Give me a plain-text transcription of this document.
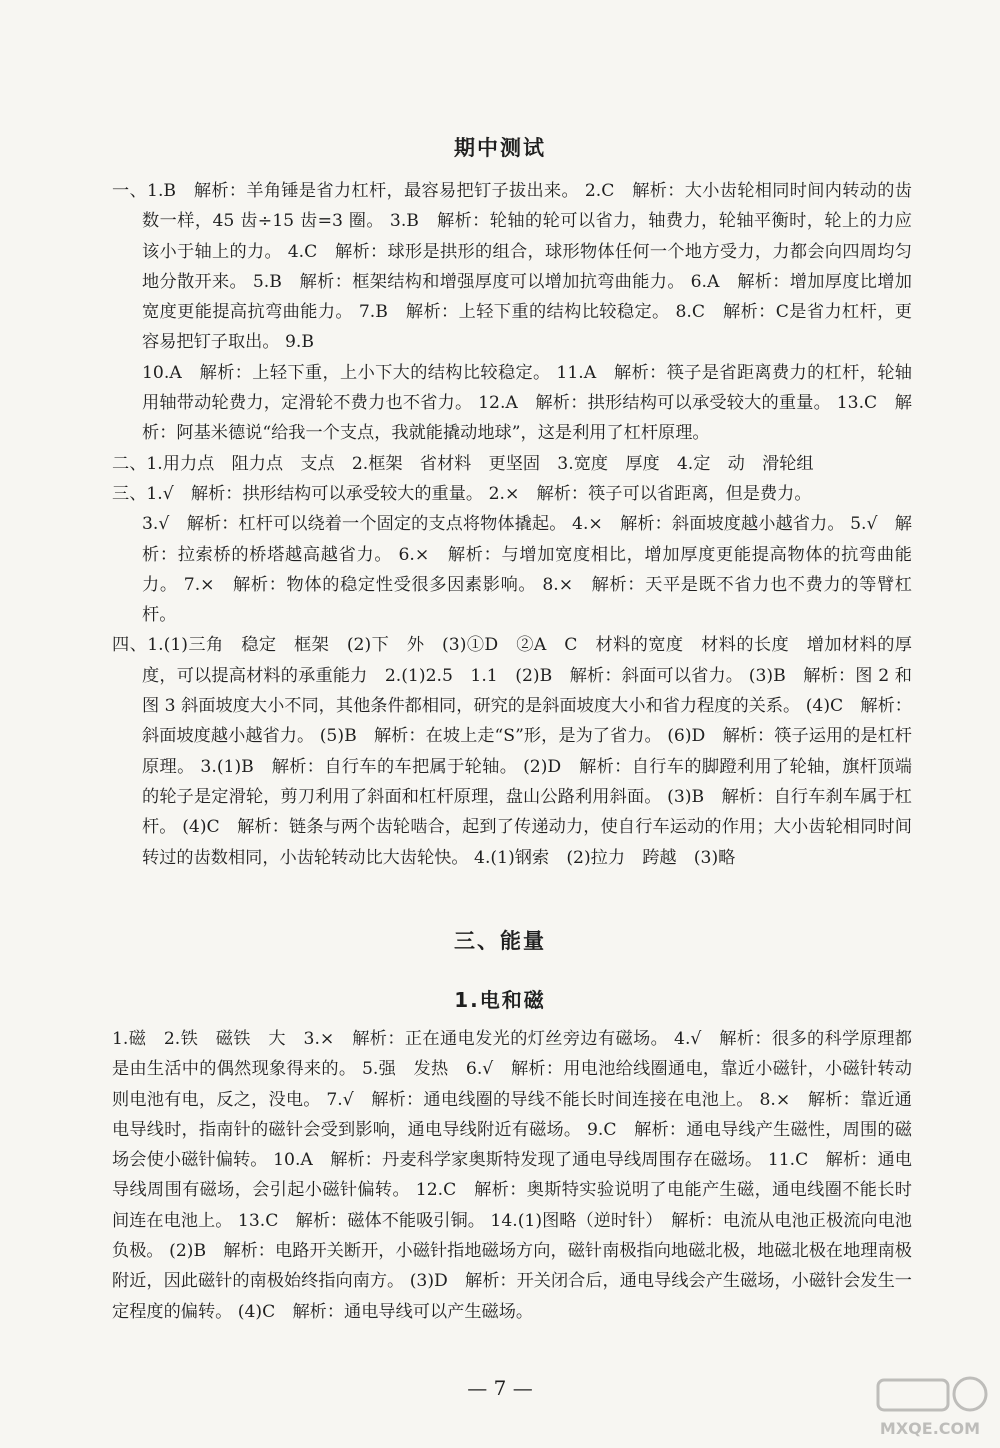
期中测试

一、1.B　解析：羊角锤是省力杠杆，最容易把钉子拔出来。 2.C　解析：大小齿轮相同时间内转动的齿数一样，45 齿÷15 齿=3 圈。 3.B　解析：轮轴的轮可以省力，轴费力，轮轴平衡时，轮上的力应该小于轴上的力。 4.C　解析：球形是拱形的组合，球形物体任何一个地方受力，力都会向四周均匀地分散开来。 5.B　解析：框架结构和增强厚度可以增加抗弯曲能力。 6.A　解析：增加厚度比增加宽度更能提高抗弯曲能力。 7.B　解析：上轻下重的结构比较稳定。 8.C　解析：C是省力杠杆，更容易把钉子取出。 9.B

10.A　解析：上轻下重，上小下大的结构比较稳定。 11.A　解析：筷子是省距离费力的杠杆，轮轴用轴带动轮费力，定滑轮不费力也不省力。 12.A　解析：拱形结构可以承受较大的重量。 13.C　解析：阿基米德说“给我一个支点，我就能撬动地球”，这是利用了杠杆原理。

二、1.用力点　阻力点　支点　2.框架　省材料　更坚固　3.宽度　厚度　4.定　动　滑轮组

三、1.√　解析：拱形结构可以承受较大的重量。 2.×　解析：筷子可以省距离，但是费力。

3.√　解析：杠杆可以绕着一个固定的支点将物体撬起。 4.×　解析：斜面坡度越小越省力。 5.√　解析：拉索桥的桥塔越高越省力。 6.×　解析：与增加宽度相比，增加厚度更能提高物体的抗弯曲能力。 7.×　解析：物体的稳定性受很多因素影响。 8.×　解析：天平是既不省力也不费力的等臂杠杆。

四、1.(1)三角　稳定　框架　(2)下　外　(3)①D　②A　C　材料的宽度　材料的长度　增加材料的厚度，可以提高材料的承重能力　2.(1)2.5　1.1　(2)B　解析：斜面可以省力。 (3)B　解析：图 2 和图 3 斜面坡度大小不同，其他条件都相同，研究的是斜面坡度大小和省力程度的关系。 (4)C　解析：斜面坡度越小越省力。 (5)B　解析：在坡上走“S”形，是为了省力。 (6)D　解析：筷子运用的是杠杆原理。 3.(1)B　解析：自行车的车把属于轮轴。 (2)D　解析：自行车的脚蹬利用了轮轴，旗杆顶端的轮子是定滑轮，剪刀利用了斜面和杠杆原理，盘山公路利用斜面。 (3)B　解析：自行车刹车属于杠杆。 (4)C　解析：链条与两个齿轮啮合，起到了传递动力，使自行车运动的作用；大小齿轮相同时间转过的齿数相同，小齿轮转动比大齿轮快。 4.(1)钢索　(2)拉力　跨越　(3)略

三、能量
1.电和磁

1.磁　2.铁　磁铁　大　3.×　解析：正在通电发光的灯丝旁边有磁场。 4.√　解析：很多的科学原理都是由生活中的偶然现象得来的。 5.强　发热　6.√　解析：用电池给线圈通电，靠近小磁针，小磁针转动则电池有电，反之，没电。 7.√　解析：通电线圈的导线不能长时间连接在电池上。 8.×　解析：靠近通电导线时，指南针的磁针会受到影响，通电导线附近有磁场。 9.C　解析：通电导线产生磁性，周围的磁场会使小磁针偏转。 10.A　解析：丹麦科学家奥斯特发现了通电导线周围存在磁场。 11.C　解析：通电导线周围有磁场，会引起小磁针偏转。 12.C　解析：奥斯特实验说明了电能产生磁，通电线圈不能长时间连在电池上。 13.C　解析：磁体不能吸引铜。 14.(1)图略（逆时针）　解析：电流从电池正极流向电池负极。 (2)B　解析：电路开关断开，小磁针指地磁场方向，磁针南极指向地磁北极，地磁北极在地理南极附近，因此磁针的南极始终指向南方。 (3)D　解析：开关闭合后，通电导线会产生磁场，小磁针会发生一定程度的偏转。 (4)C　解析：通电导线可以产生磁场。

— 7 —
MXQE.COM
